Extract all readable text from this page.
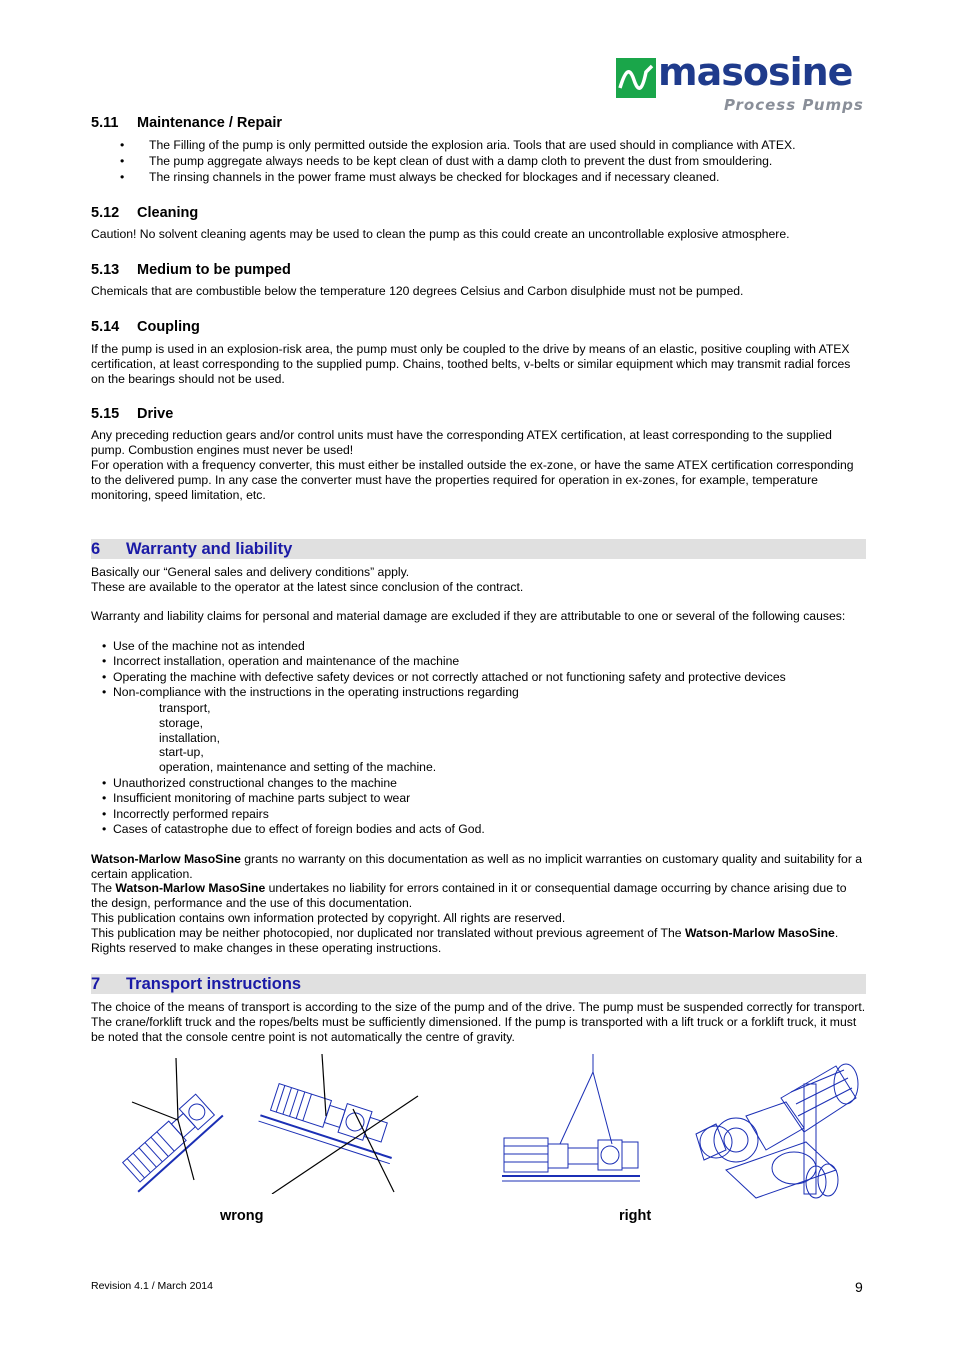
masosine
Process Pumps
5.11 Maintenance / Repair
• The Filling of the pump is only permitted outside the explosion aria. Tools that are used should in compliance with ATEX.
• The pump aggregate always needs to be kept clean of dust with a damp cloth to prevent the dust from smouldering.
• The rinsing channels in the power frame must always be checked for blockages and if necessary cleaned.
5.12 Cleaning

Caution! No solvent cleaning agents may be used to clean the pump as this could create an uncontrollable explosive atmosphere.

5.13 Medium to be pumped

Chemicals that are combustible below the temperature 120 degrees Celsius and Carbon disulphide must not be pumped.

5.14 Coupling

If the pump is used in an explosion-risk area, the pump must only be coupled to the drive by means of an elastic, positive coupling with ATEX certification, at least corresponding to the supplied pump. Chains, toothed belts, v-belts or similar equipment which may transmit radial forces on the bearings should not be used.

5.15 Drive

Any preceding reduction gears and/or control units must have the corresponding ATEX certification, at least corresponding to the supplied pump. Combustion engines must never be used!

For operation with a frequency converter, this must either be installed outside the ex-zone, or have the same ATEX certification corresponding to the delivered pump. In any case the converter must have the properties required for operation in ex-zones, for example, temperature monitoring, speed limitation, etc.

6 Warranty and liability

Basically our “General sales and delivery conditions” apply.

These are available to the operator at the latest since conclusion of the contract.

Warranty and liability claims for personal and material damage are excluded if they are attributable to one or several of the following causes:

• Use of the machine not as intended
• Incorrect installation, operation and maintenance of the machine
• Operating the machine with defective safety devices or not correctly attached or not functioning safety and protective devices
• Non-compliance with the instructions in the operating instructions regarding
transport,
storage,
installation,
start-up,
operation, maintenance and setting of the machine.
• Unauthorized constructional changes to the machine
• Insufficient monitoring of machine parts subject to wear
• Incorrectly performed repairs
• Cases of catastrophe due to effect of foreign bodies and acts of God.

Watson-Marlow MasoSine grants no warranty on this documentation as well as no implicit warranties on customary quality and suitability for a certain application.

The Watson-Marlow MasoSine undertakes no liability for errors contained in it or consequential damage occurring by chance arising due to the design, performance and the use of this documentation.

This publication contains own information protected by copyright. All rights are reserved.

This publication may be neither photocopied, nor duplicated nor translated without previous agreement of The Watson-Marlow MasoSine. Rights reserved to make changes in these operating instructions.

7 Transport instructions

The choice of the means of transport is according to the size of the pump and of the drive. The pump must be suspended correctly for transport. The crane/forklift truck and the ropes/belts must be sufficiently dimensioned. If the pump is transported with a lift truck or a forklift truck, it must be noted that the console centre point is not automatically the centre of gravity.

wrong	right
Revision 4.1 / March 2014	9
